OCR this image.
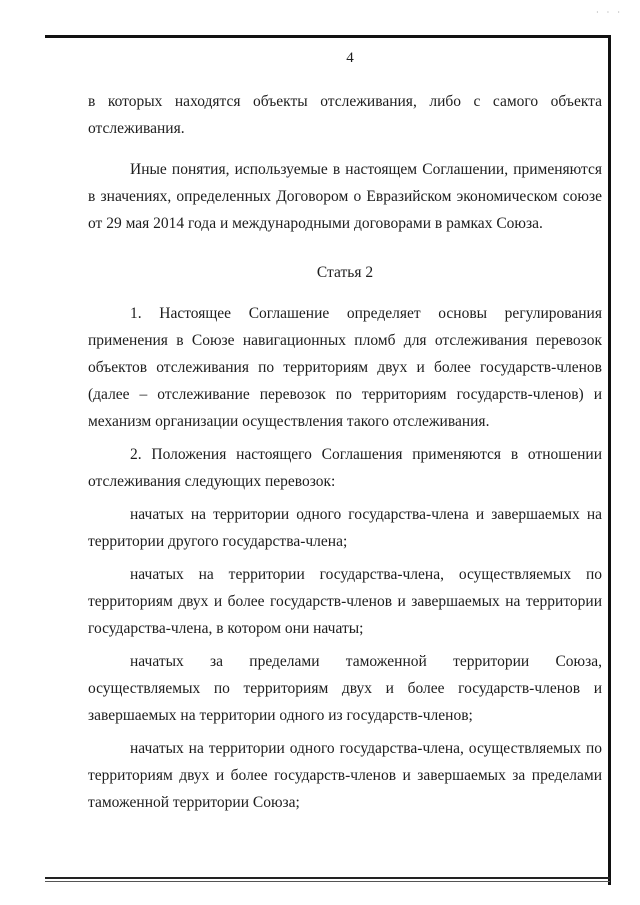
· · ·
4

в которых находятся объекты отслеживания, либо с самого объекта отслеживания.

Иные понятия, используемые в настоящем Соглашении, применяются в значениях, определенных Договором о Евразийском экономическом союзе от 29 мая 2014 года и международными договорами в рамках Союза.

Статья 2

1. Настоящее Соглашение определяет основы регулирования применения в Союзе навигационных пломб для отслеживания перевозок объектов отслеживания по территориям двух и более государств-членов (далее – отслеживание перевозок по территориям государств-членов) и механизм организации осуществления такого отслеживания.

2. Положения настоящего Соглашения применяются в отношении отслеживания следующих перевозок:

начатых на территории одного государства-члена и завершаемых на территории другого государства-члена;

начатых на территории государства-члена, осуществляемых по территориям двух и более государств-членов и завершаемых на территории государства-члена, в котором они начаты;

начатых за пределами таможенной территории Союза, осуществляемых по территориям двух и более государств-членов и завершаемых на территории одного из государств-членов;

начатых на территории одного государства-члена, осуществляемых по территориям двух и более государств-членов и завершаемых за пределами таможенной территории Союза;
